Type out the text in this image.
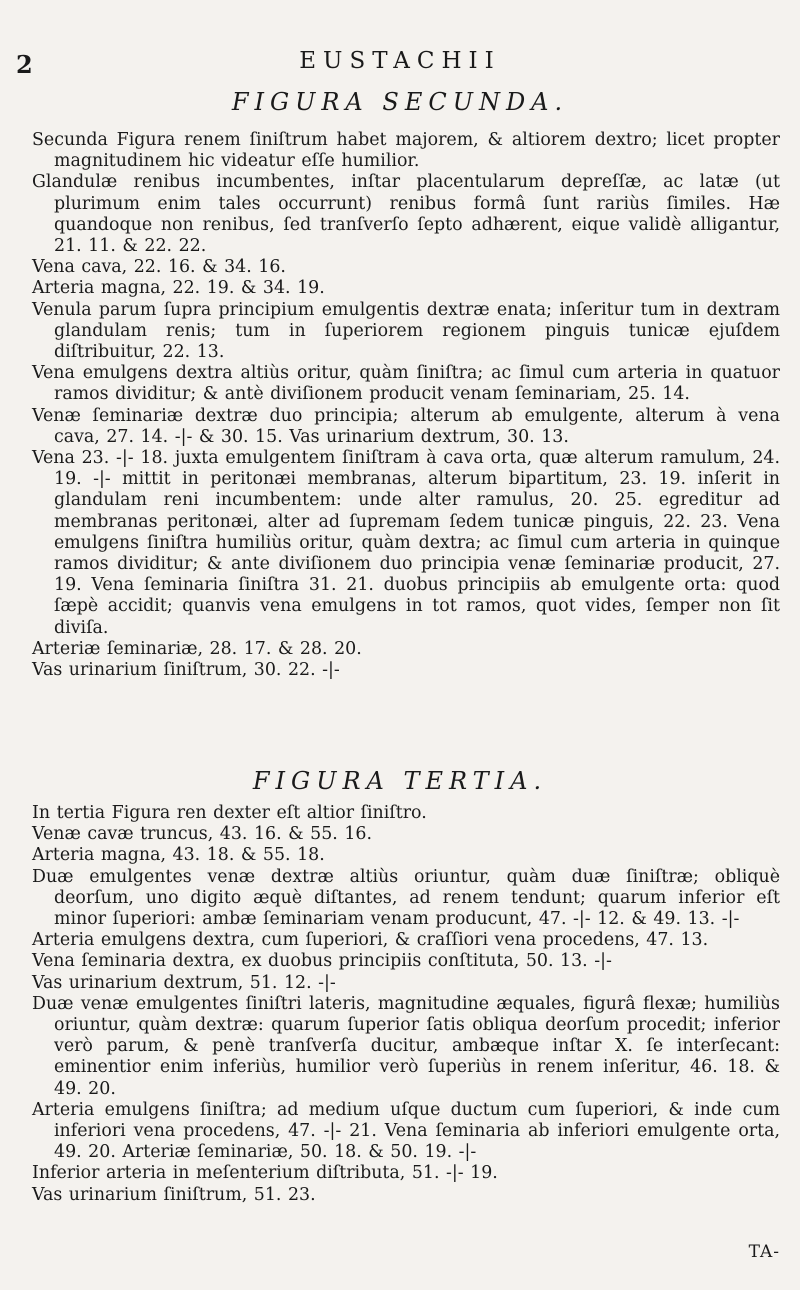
2	EUSTACHII
FIGURA SECUNDA.

Secunda Figura renem ſiniſtrum habet majorem, & altiorem dextro; licet propter magnitudinem hic videatur eſſe humilior.

Glandulæ renibus incumbentes, inſtar placentularum depreſſæ, ac latæ (ut plurimum enim tales occurrunt) renibus formâ ſunt rariùs ſimiles. Hæ quandoque non renibus, ſed tranſverſo ſepto adhærent, eique validè alligantur, 21. 11. & 22. 22.

Vena cava, 22. 16. & 34. 16.

Arteria magna, 22. 19. & 34. 19.

Venula parum ſupra principium emulgentis dextræ enata; inſeritur tum in dextram glandulam renis; tum in ſuperiorem regionem pinguis tunicæ ejuſdem diſtribuitur, 22. 13.

Vena emulgens dextra altiùs oritur, quàm ſiniſtra; ac ſimul cum arteria in quatuor ramos dividitur; & antè diviſionem producit venam ſeminariam, 25. 14.

Venæ ſeminariæ dextræ duo principia; alterum ab emulgente, alterum à vena cava, 27. 14. -|- & 30. 15. Vas urinarium dextrum, 30. 13.

Vena 23. -|- 18. juxta emulgentem ſiniſtram à cava orta, quæ alterum ramulum, 24. 19. -|- mittit in peritonæi membranas, alterum bipartitum, 23. 19. inſerit in glandulam reni incumbentem: unde alter ramulus, 20. 25. egreditur ad membranas peritonæi, alter ad ſupremam ſedem tunicæ pinguis, 22. 23. Vena emulgens ſiniſtra humiliùs oritur, quàm dextra; ac ſimul cum arteria in quinque ramos dividitur; & ante diviſionem duo principia venæ ſeminariæ producit, 27. 19. Vena ſeminaria ſiniſtra 31. 21. duobus principiis ab emulgente orta: quod ſæpè accidit; quanvis vena emulgens in tot ramos, quot vides, ſemper non ſit diviſa.

Arteriæ ſeminariæ, 28. 17. & 28. 20.

Vas urinarium ſiniſtrum, 30. 22. -|-

FIGURA TERTIA.

In tertia Figura ren dexter eſt altior ſiniſtro.

Venæ cavæ truncus, 43. 16. & 55. 16.

Arteria magna, 43. 18. & 55. 18.

Duæ emulgentes venæ dextræ altiùs oriuntur, quàm duæ ſiniſtræ; obliquè deorſum, uno digito æquè diſtantes, ad renem tendunt; quarum inferior eſt minor ſuperiori: ambæ ſeminariam venam producunt, 47. -|- 12. & 49. 13. -|-

Arteria emulgens dextra, cum ſuperiori, & craſſiori vena procedens, 47. 13.

Vena ſeminaria dextra, ex duobus principiis conſtituta, 50. 13. -|-

Vas urinarium dextrum, 51. 12. -|-

Duæ venæ emulgentes ſiniſtri lateris, magnitudine æquales, figurâ flexæ; humiliùs oriuntur, quàm dextræ: quarum ſuperior ſatis obliqua deorſum procedit; inferior verò parum, & penè tranſverſa ducitur, ambæque inſtar X. ſe interſecant: eminentior enim inferiùs, humilior verò ſuperiùs in renem inſeritur, 46. 18. & 49. 20.

Arteria emulgens ſiniſtra; ad medium uſque ductum cum ſuperiori, & inde cum inferiori vena procedens, 47. -|- 21. Vena ſeminaria ab inferiori emulgente orta, 49. 20. Arteriæ ſeminariæ, 50. 18. & 50. 19. -|-

Inferior arteria in meſenterium diſtributa, 51. -|- 19.

Vas urinarium ſiniſtrum, 51. 23.

TA-
